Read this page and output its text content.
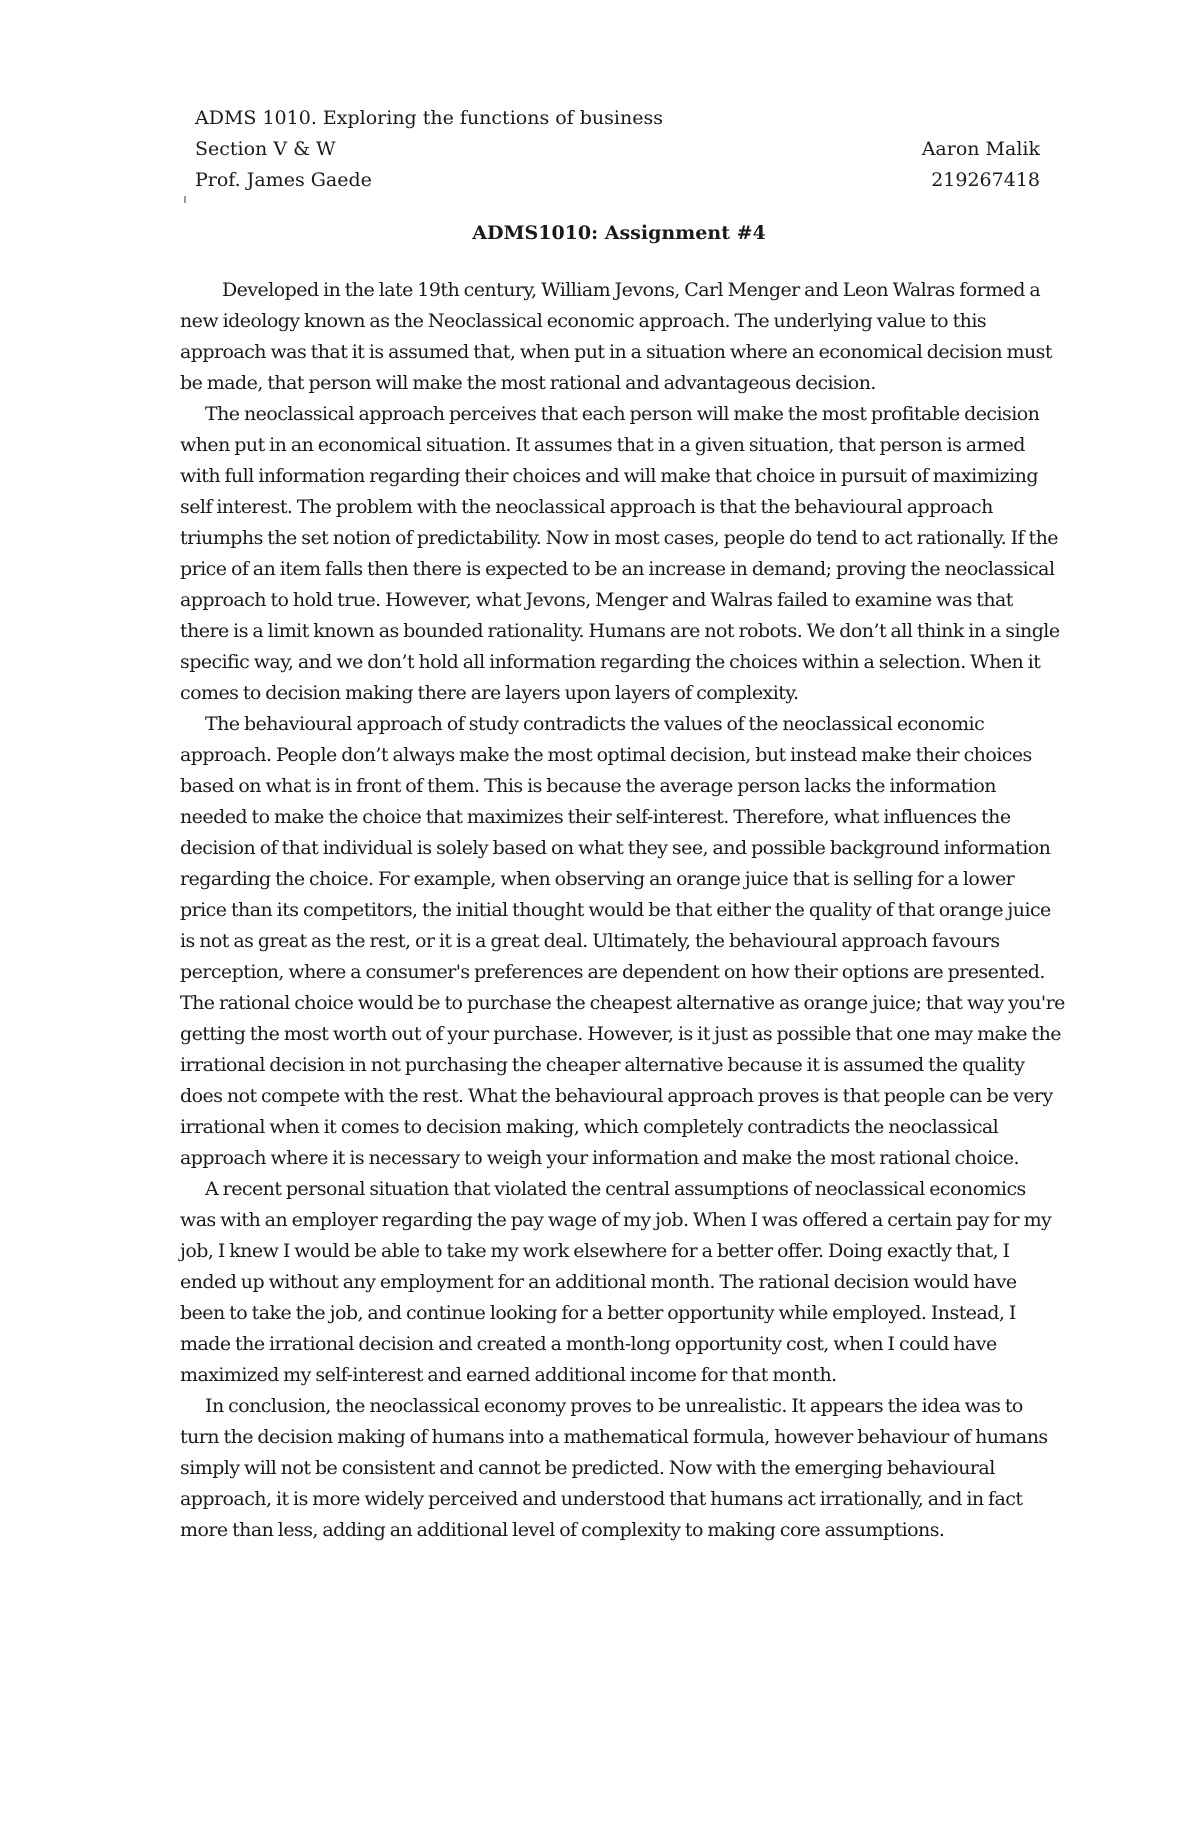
ADMS 1010. Exploring the functions of business
Section V & W	Aaron Malik
Prof. James Gaede	219267418
ADMS1010: Assignment #4

Developed in the late 19th century, William Jevons, Carl Menger and Leon Walras formed a new ideology known as the Neoclassical economic approach. The underlying value to this approach was that it is assumed that, when put in a situation where an economical decision must be made, that person will make the most rational and advantageous decision.

The neoclassical approach perceives that each person will make the most profitable decision when put in an economical situation. It assumes that in a given situation, that person is armed with full information regarding their choices and will make that choice in pursuit of maximizing self interest. The problem with the neoclassical approach is that the behavioural approach triumphs the set notion of predictability. Now in most cases, people do tend to act rationally. If the price of an item falls then there is expected to be an increase in demand; proving the neoclassical approach to hold true. However, what Jevons, Menger and Walras failed to examine was that there is a limit known as bounded rationality. Humans are not robots. We don’t all think in a single specific way, and we don’t hold all information regarding the choices within a selection. When it comes to decision making there are layers upon layers of complexity.

The behavioural approach of study contradicts the values of the neoclassical economic approach. People don’t always make the most optimal decision, but instead make their choices based on what is in front of them. This is because the average person lacks the information needed to make the choice that maximizes their self-interest. Therefore, what influences the decision of that individual is solely based on what they see, and possible background information regarding the choice. For example, when observing an orange juice that is selling for a lower price than its competitors, the initial thought would be that either the quality of that orange juice is not as great as the rest, or it is a great deal. Ultimately, the behavioural approach favours perception, where a consumer's preferences are dependent on how their options are presented. The rational choice would be to purchase the cheapest alternative as orange juice; that way you're getting the most worth out of your purchase. However, is it just as possible that one may make the irrational decision in not purchasing the cheaper alternative because it is assumed the quality does not compete with the rest. What the behavioural approach proves is that people can be very irrational when it comes to decision making, which completely contradicts the neoclassical approach where it is necessary to weigh your information and make the most rational choice.

A recent personal situation that violated the central assumptions of neoclassical economics was with an employer regarding the pay wage of my job. When I was offered a certain pay for my job, I knew I would be able to take my work elsewhere for a better offer. Doing exactly that, I ended up without any employment for an additional month. The rational decision would have been to take the job, and continue looking for a better opportunity while employed. Instead, I made the irrational decision and created a month-long opportunity cost, when I could have maximized my self-interest and earned additional income for that month.

In conclusion, the neoclassical economy proves to be unrealistic. It appears the idea was to turn the decision making of humans into a mathematical formula, however behaviour of humans simply will not be consistent and cannot be predicted. Now with the emerging behavioural approach, it is more widely perceived and understood that humans act irrationally, and in fact more than less, adding an additional level of complexity to making core assumptions.
